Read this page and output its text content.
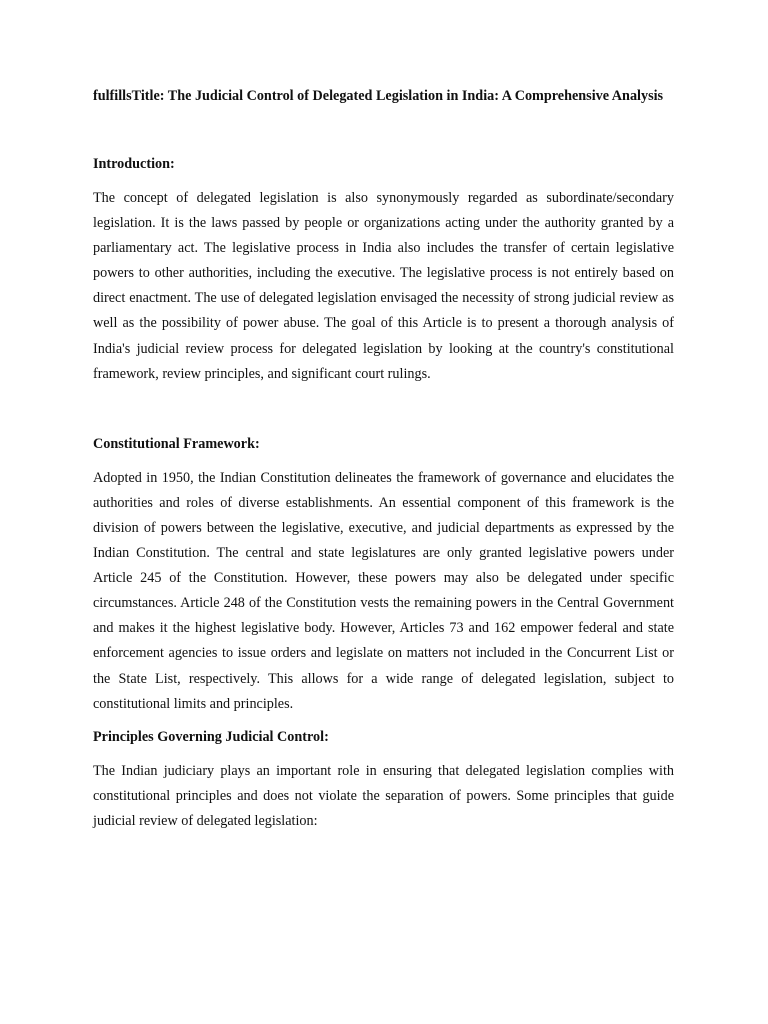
fulfillsTitle: The Judicial Control of Delegated Legislation in India: A Comprehensive Analysis

Introduction:

The concept of delegated legislation is also synonymously regarded as subordinate/secondary legislation. It is the laws passed by people or organizations acting under the authority granted by a parliamentary act. The legislative process in India also includes the transfer of certain legislative powers to other authorities, including the executive. The legislative process is not entirely based on direct enactment. The use of delegated legislation envisaged the necessity of strong judicial review as well as the possibility of power abuse. The goal of this Article is to present a thorough analysis of India's judicial review process for delegated legislation by looking at the country's constitutional framework, review principles, and significant court rulings.

Constitutional Framework:

Adopted in 1950, the Indian Constitution delineates the framework of governance and elucidates the authorities and roles of diverse establishments. An essential component of this framework is the division of powers between the legislative, executive, and judicial departments as expressed by the Indian Constitution. The central and state legislatures are only granted legislative powers under Article 245 of the Constitution. However, these powers may also be delegated under specific circumstances. Article 248 of the Constitution vests the remaining powers in the Central Government and makes it the highest legislative body. However, Articles 73 and 162 empower federal and state enforcement agencies to issue orders and legislate on matters not included in the Concurrent List or the State List, respectively. This allows for a wide range of delegated legislation, subject to constitutional limits and principles.

Principles Governing Judicial Control:

The Indian judiciary plays an important role in ensuring that delegated legislation complies with constitutional principles and does not violate the separation of powers. Some principles that guide judicial review of delegated legislation:
